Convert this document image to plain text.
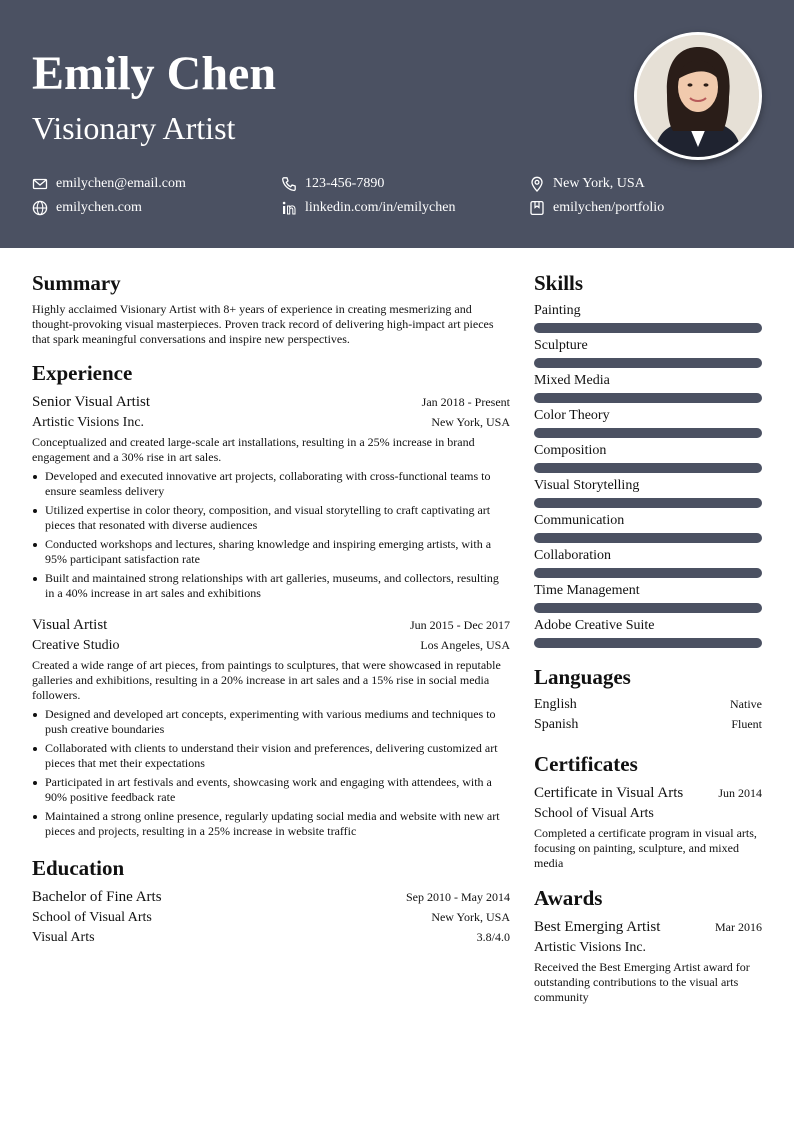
Emily Chen
Visionary Artist
emilychen@email.com	123-456-7890	New York, USA
emilychen.com	linkedin.com/in/emilychen	emilychen/portfolio
Summary
Highly acclaimed Visionary Artist with 8+ years of experience in creating mesmerizing and thought-provoking visual masterpieces. Proven track record of delivering high-impact art pieces that spark meaningful conversations and inspire new perspectives.
Experience
Senior Visual Artist	Jan 2018 - Present
Artistic Visions Inc.	New York, USA
Conceptualized and created large-scale art installations, resulting in a 25% increase in brand engagement and a 30% rise in art sales.
Developed and executed innovative art projects, collaborating with cross-functional teams to ensure seamless delivery
Utilized expertise in color theory, composition, and visual storytelling to craft captivating art pieces that resonated with diverse audiences
Conducted workshops and lectures, sharing knowledge and inspiring emerging artists, with a 95% participant satisfaction rate
Built and maintained strong relationships with art galleries, museums, and collectors, resulting in a 40% increase in art sales and exhibitions
Visual Artist	Jun 2015 - Dec 2017
Creative Studio	Los Angeles, USA
Created a wide range of art pieces, from paintings to sculptures, that were showcased in reputable galleries and exhibitions, resulting in a 20% increase in art sales and a 15% rise in social media followers.
Designed and developed art concepts, experimenting with various mediums and techniques to push creative boundaries
Collaborated with clients to understand their vision and preferences, delivering customized art pieces that met their expectations
Participated in art festivals and events, showcasing work and engaging with attendees, with a 90% positive feedback rate
Maintained a strong online presence, regularly updating social media and website with new art pieces and projects, resulting in a 25% increase in website traffic
Education
Bachelor of Fine Arts	Sep 2010 - May 2014
School of Visual Arts	New York, USA
Visual Arts	3.8/4.0
Skills
Painting
Sculpture
Mixed Media
Color Theory
Composition
Visual Storytelling
Communication
Collaboration
Time Management
Adobe Creative Suite
Languages
English	Native
Spanish	Fluent
Certificates
Certificate in Visual Arts	Jun 2014
School of Visual Arts
Completed a certificate program in visual arts, focusing on painting, sculpture, and mixed media
Awards
Best Emerging Artist	Mar 2016
Artistic Visions Inc.
Received the Best Emerging Artist award for outstanding contributions to the visual arts community
